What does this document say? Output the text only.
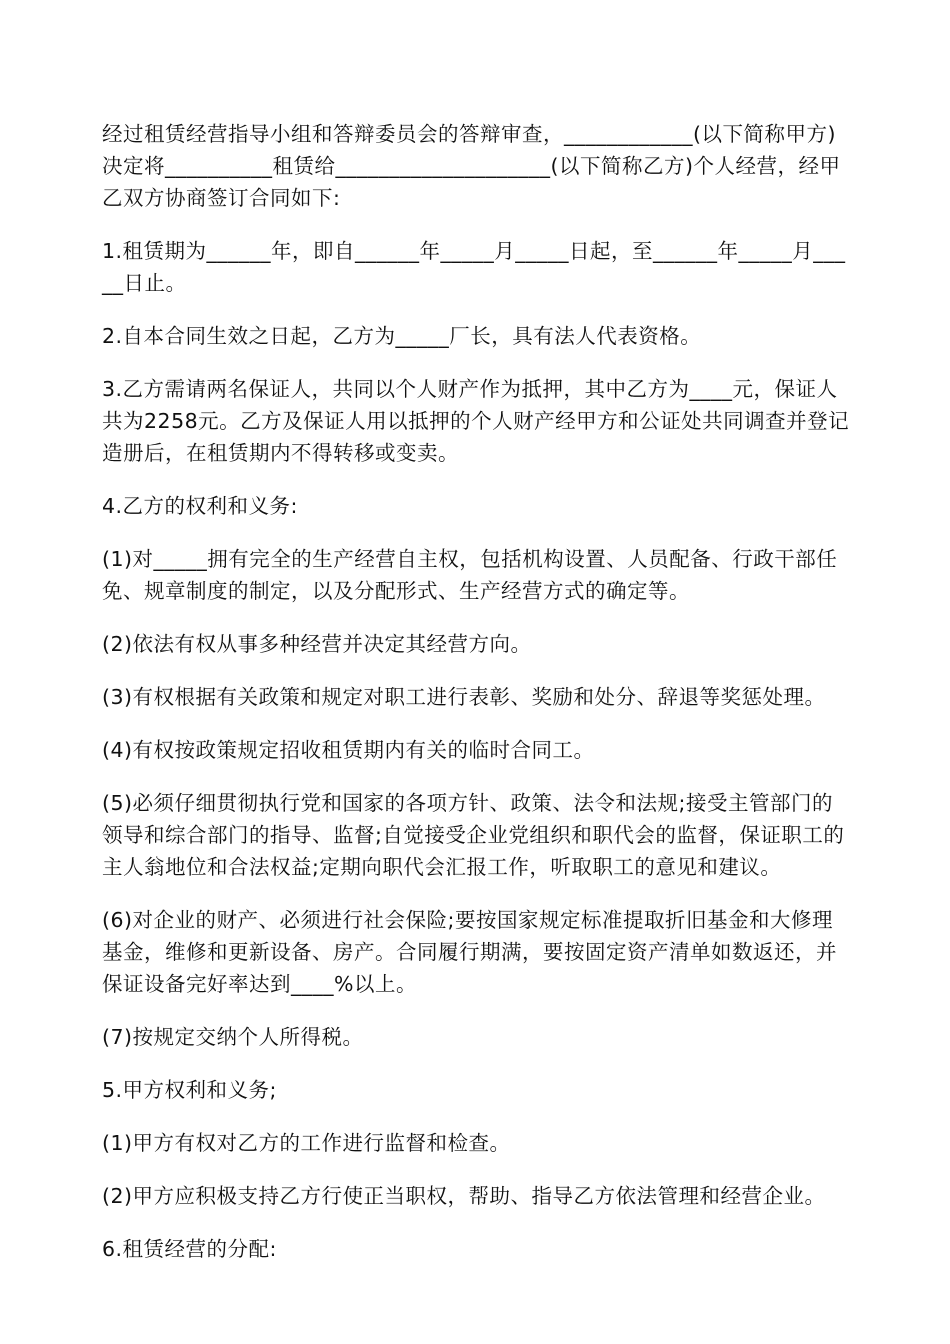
经过租赁经营指导小组和答辩委员会的答辩审查，____________(以下简称甲方)决定将__________租赁给____________________(以下简称乙方)个人经营，经甲乙双方协商签订合同如下:

1.租赁期为______年，即自______年_____月_____日起，至______年_____月_____日止。

2.自本合同生效之日起，乙方为_____厂长，具有法人代表资格。

3.乙方需请两名保证人，共同以个人财产作为抵押，其中乙方为____元，保证人共为2258元。乙方及保证人用以抵押的个人财产经甲方和公证处共同调查并登记造册后，在租赁期内不得转移或变卖。

4.乙方的权利和义务:

(1)对_____拥有完全的生产经营自主权，包括机构设置、人员配备、行政干部任免、规章制度的制定，以及分配形式、生产经营方式的确定等。

(2)依法有权从事多种经营并决定其经营方向。

(3)有权根据有关政策和规定对职工进行表彰、奖励和处分、辞退等奖惩处理。

(4)有权按政策规定招收租赁期内有关的临时合同工。

(5)必须仔细贯彻执行党和国家的各项方针、政策、法令和法规;接受主管部门的领导和综合部门的指导、监督;自觉接受企业党组织和职代会的监督，保证职工的主人翁地位和合法权益;定期向职代会汇报工作，听取职工的意见和建议。

(6)对企业的财产、必须进行社会保险;要按国家规定标准提取折旧基金和大修理基金，维修和更新设备、房产。合同履行期满，要按固定资产清单如数返还，并保证设备完好率达到____%以上。

(7)按规定交纳个人所得税。

5.甲方权利和义务;

(1)甲方有权对乙方的工作进行监督和检查。

(2)甲方应积极支持乙方行使正当职权，帮助、指导乙方依法管理和经营企业。

6.租赁经营的分配:
